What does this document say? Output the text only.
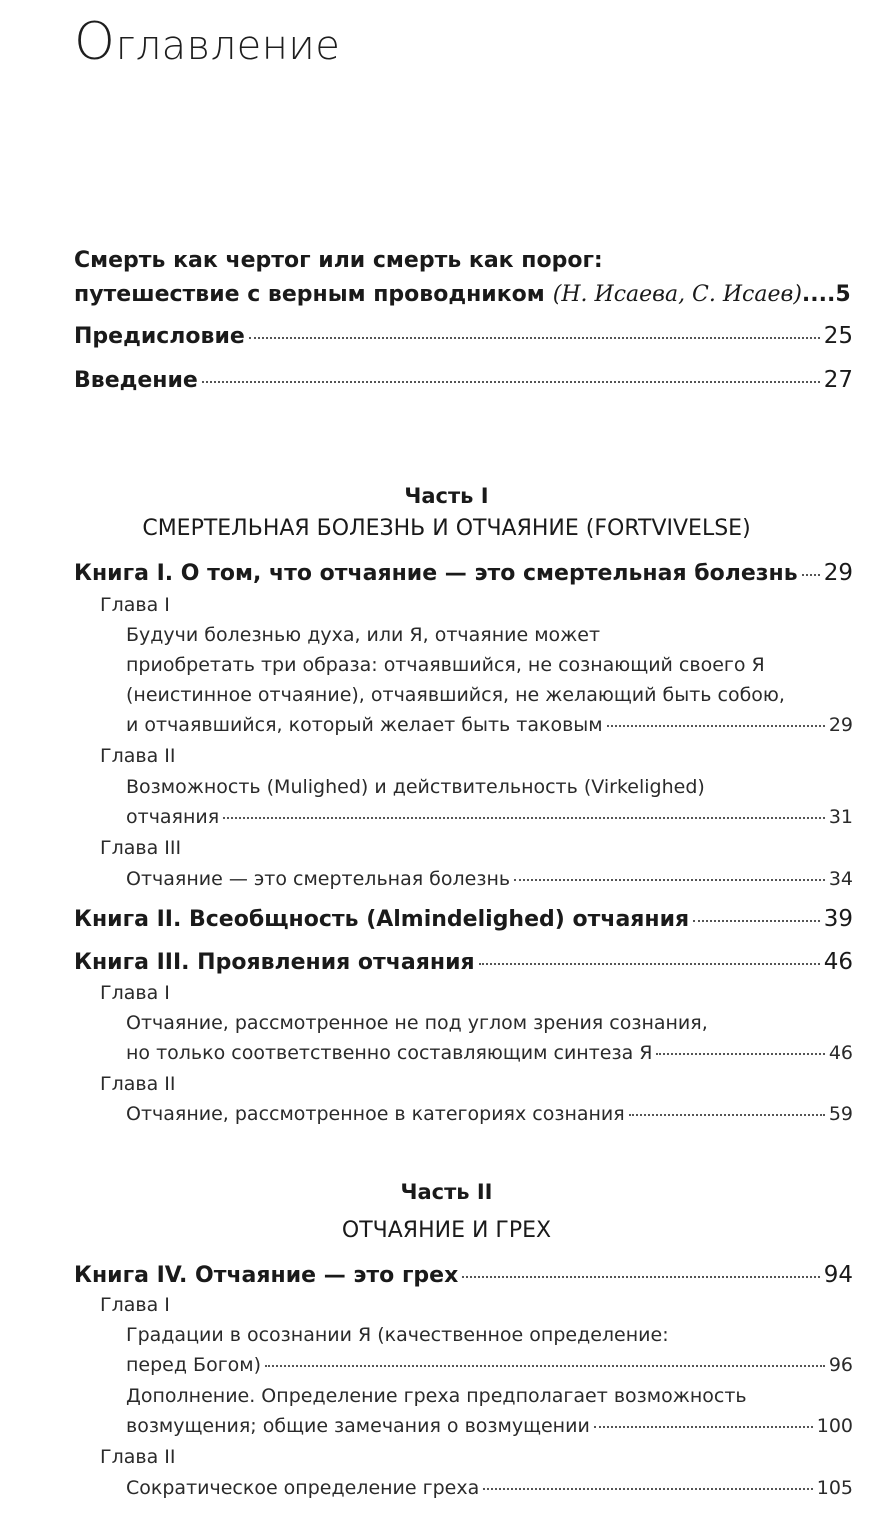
Оглавление
Смерть как чертог или смерть как порог:
путешествие с верным проводником (Н. Исаева, С. Исаев) .... 5
Предисловие	25
Введение	27
Часть I
СМЕРТЕЛЬНАЯ БОЛЕЗНЬ И ОТЧАЯНИЕ (FORTVIVELSE)
Книга I. О том, что отчаяние — это смертельная болезнь 29
Глава I
Будучи болезнью духа, или Я, отчаяние может
приобретать три образа: отчаявшийся, не сознающий своего Я
(неистинное отчаяние), отчаявшийся, не желающий быть собою,
и отчаявшийся, который желает быть таковым	29
Глава II
Возможность (Mulighed) и действительность (Virkelighed)
отчаяния	31
Глава III
Отчаяние — это смертельная болезнь	34
Книга II. Всеобщность (Almindelighed) отчаяния	39
Книга III. Проявления отчаяния	46
Глава I
Отчаяние, рассмотренное не под углом зрения сознания,
но только соответственно составляющим синтеза Я	46
Глава II
Отчаяние, рассмотренное в категориях сознания	59
Часть II
ОТЧАЯНИЕ И ГРЕХ
Книга IV. Отчаяние — это грех	94
Глава I
Градации в осознании Я (качественное определение:
перед Богом)	96
Дополнение. Определение греха предполагает возможность
возмущения; общие замечания о возмущении	100
Глава II
Сократическое определение греха	105
